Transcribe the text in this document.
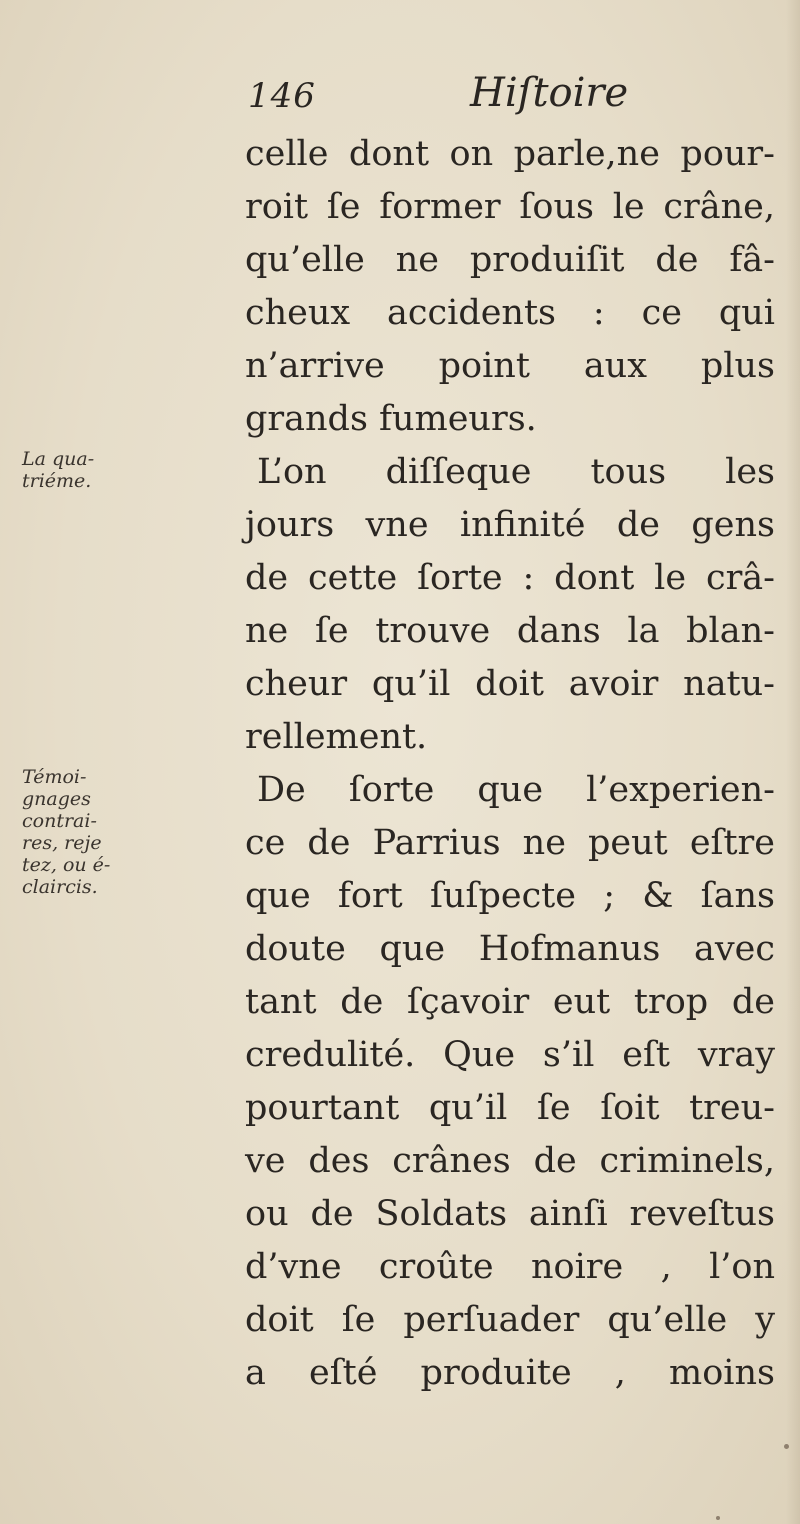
146	Hiſtoire
La qua-
triéme.
Témoi-
gnages
contrai-
res, reje
tez, ou é-
claircis.
celle dont on parle,ne pour-
roit ſe former ſous le crâne,
qu’elle ne produiſit de fâ-
cheux accidents : ce qui
n’arrive point aux plus
grands fumeurs.
L’on diſſeque tous les
jours vne infinité de gens
de cette ſorte : dont le crâ-
ne ſe trouve dans la blan-
cheur qu’il doit avoir natu-
rellement.
De ſorte que l’experien-
ce de Parrius ne peut eſtre
que fort ſuſpecte ; & ſans
doute que Hofmanus avec
tant de ſçavoir eut trop de
credulité. Que s’il eſt vray
pourtant qu’il ſe ſoit treu-
ve des crânes de criminels,
ou de Soldats ainſi reveſtus
d’vne croûte noire , l’on
doit ſe perſuader qu’elle y
a eſté produite , moins
